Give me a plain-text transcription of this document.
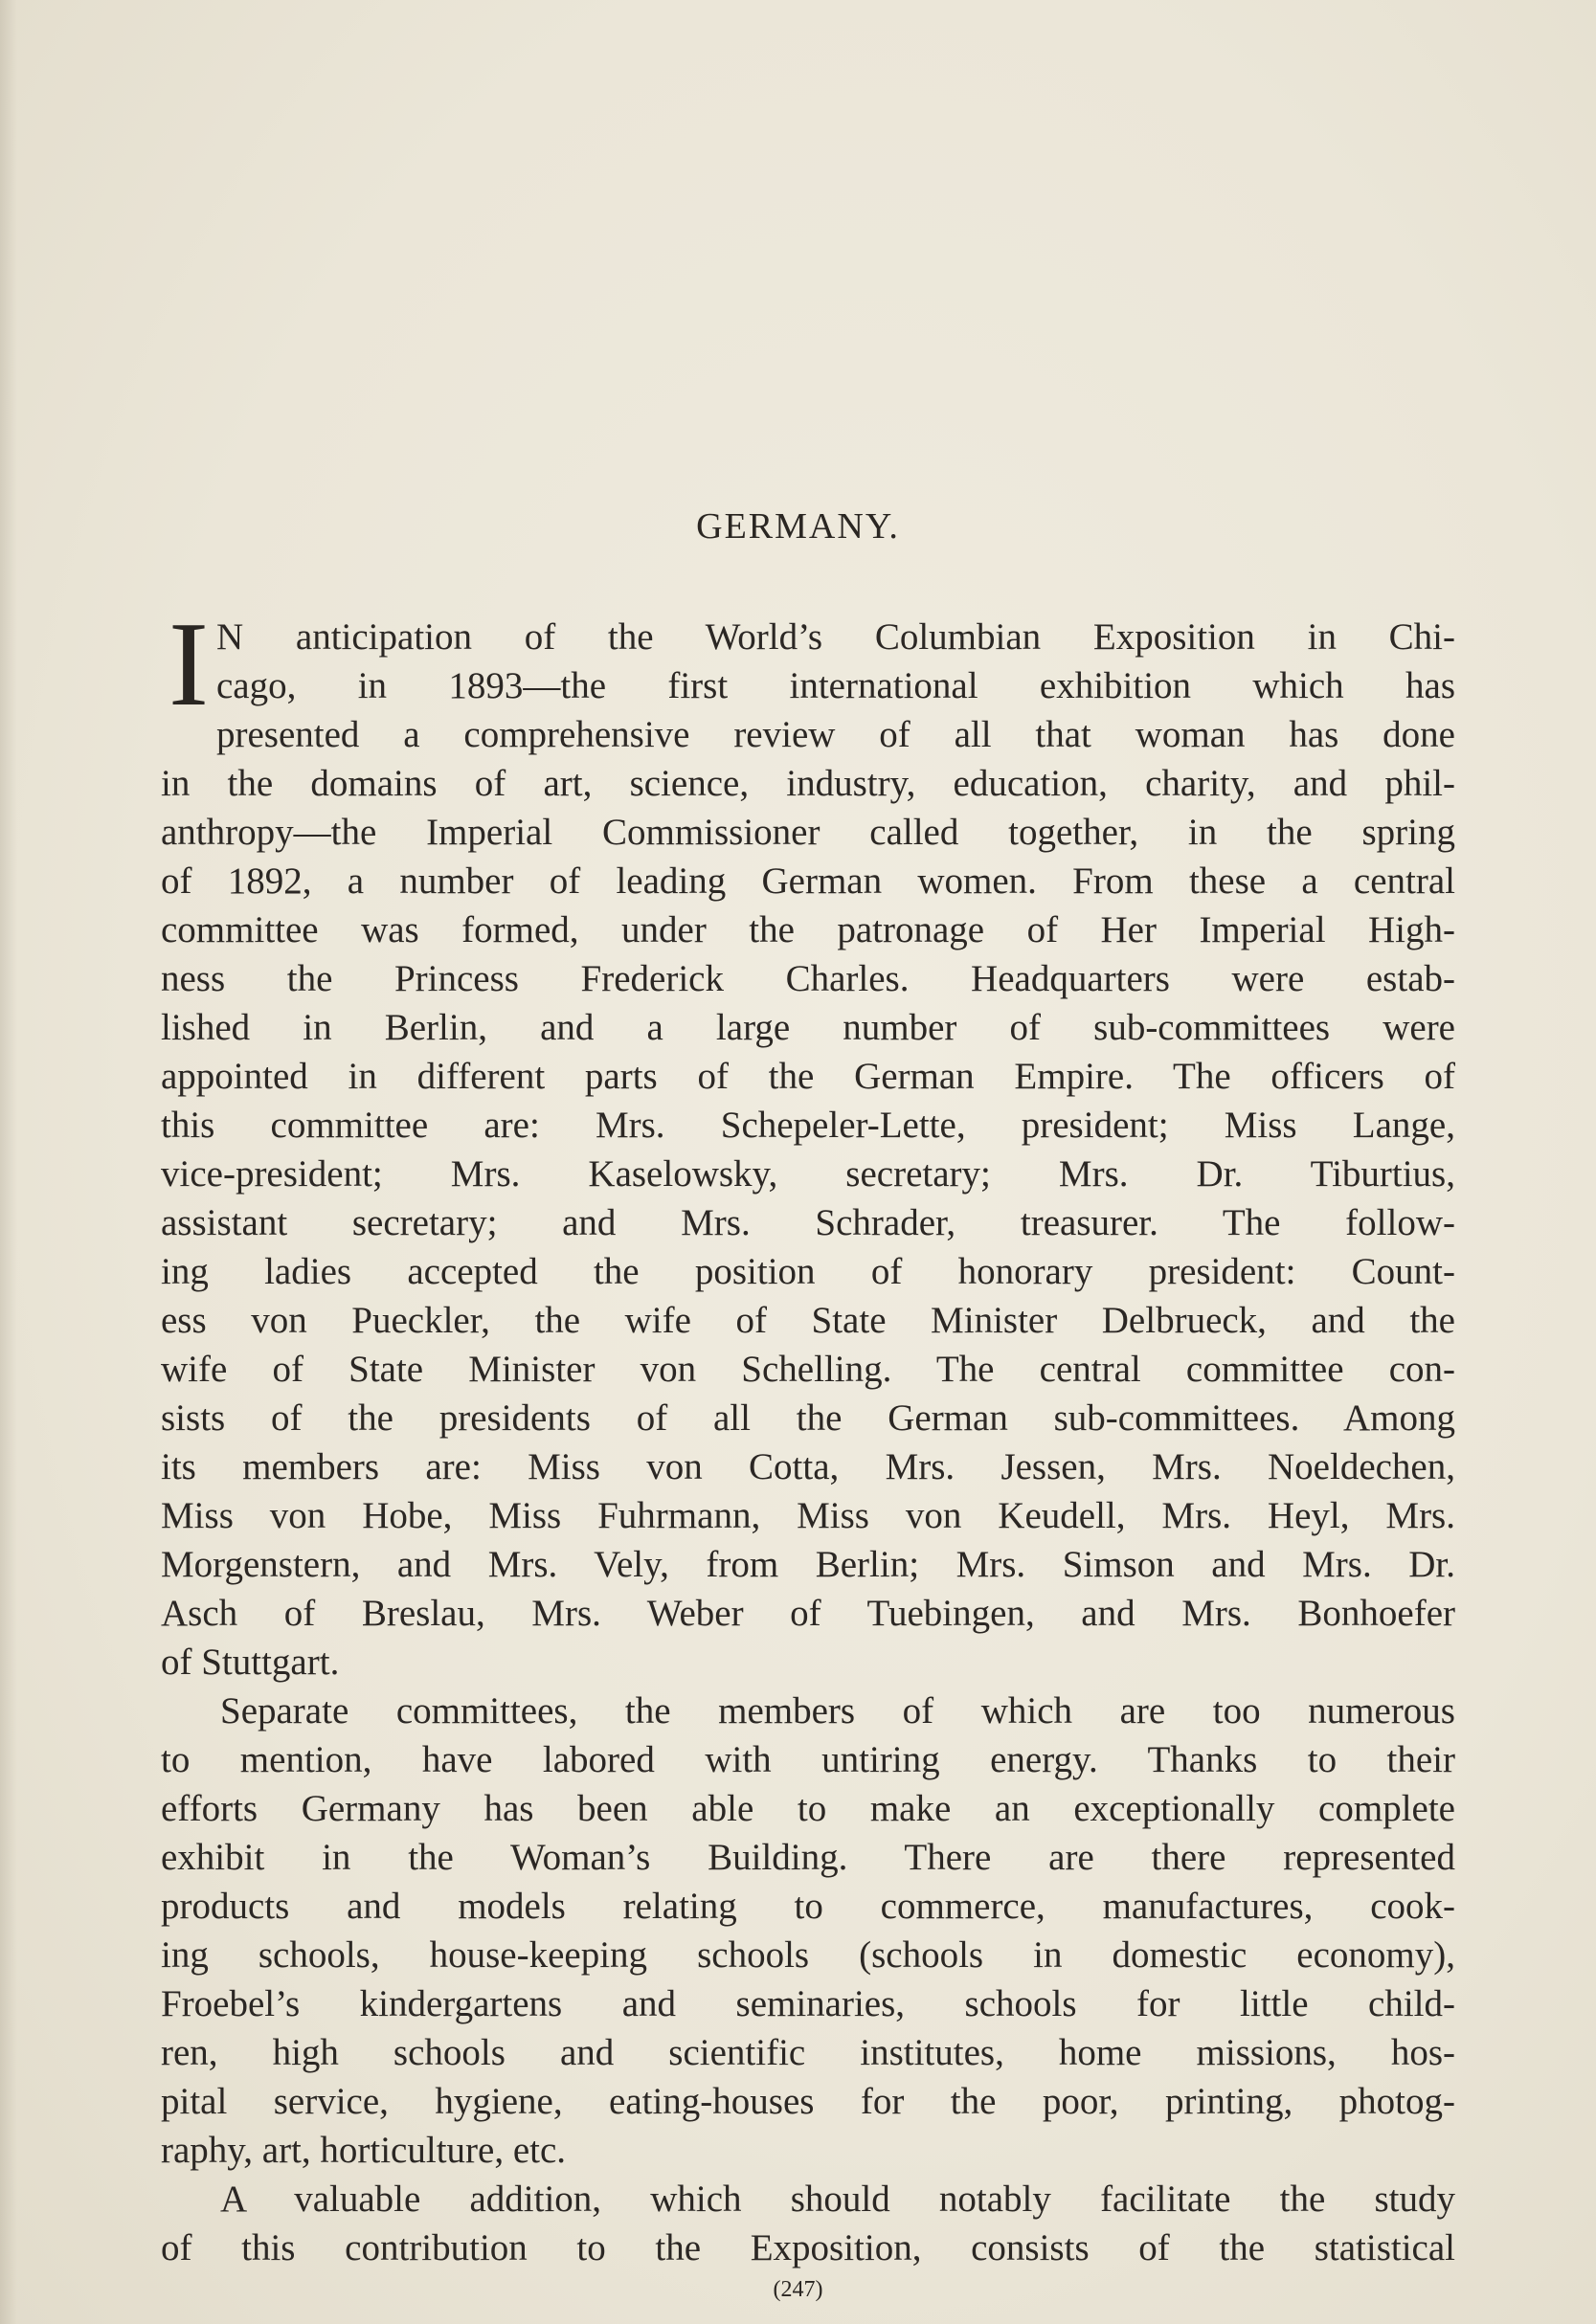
GERMANY.
I N anticipation of the World’s Columbian Exposition in Chi-
cago, in 1893—the first international exhibition which has
presented a comprehensive review of all that woman has done
in the domains of art, science, industry, education, charity, and phil-
anthropy—the Imperial Commissioner called together, in the spring
of 1892, a number of leading German women. From these a central
committee was formed, under the patronage of Her Imperial High-
ness the Princess Frederick Charles. Headquarters were estab-
lished in Berlin, and a large number of sub-committees were
appointed in different parts of the German Empire. The officers of
this committee are: Mrs. Schepeler-Lette, president; Miss Lange,
vice-president; Mrs. Kaselowsky, secretary; Mrs. Dr. Tiburtius,
assistant secretary; and Mrs. Schrader, treasurer. The follow-
ing ladies accepted the position of honorary president: Count-
ess von Pueckler, the wife of State Minister Delbrueck, and the
wife of State Minister von Schelling. The central committee con-
sists of the presidents of all the German sub-committees. Among
its members are: Miss von Cotta, Mrs. Jessen, Mrs. Noeldechen,
Miss von Hobe, Miss Fuhrmann, Miss von Keudell, Mrs. Heyl, Mrs.
Morgenstern, and Mrs. Vely, from Berlin; Mrs. Simson and Mrs. Dr.
Asch of Breslau, Mrs. Weber of Tuebingen, and Mrs. Bonhoefer
of Stuttgart.
Separate committees, the members of which are too numerous
to mention, have labored with untiring energy. Thanks to their
efforts Germany has been able to make an exceptionally complete
exhibit in the Woman’s Building. There are there represented
products and models relating to commerce, manufactures, cook-
ing schools, house-keeping schools (schools in domestic economy),
Froebel’s kindergartens and seminaries, schools for little child-
ren, high schools and scientific institutes, home missions, hos-
pital service, hygiene, eating-houses for the poor, printing, photog-
raphy, art, horticulture, etc.
A valuable addition, which should notably facilitate the study
of this contribution to the Exposition, consists of the statistical
(247)
